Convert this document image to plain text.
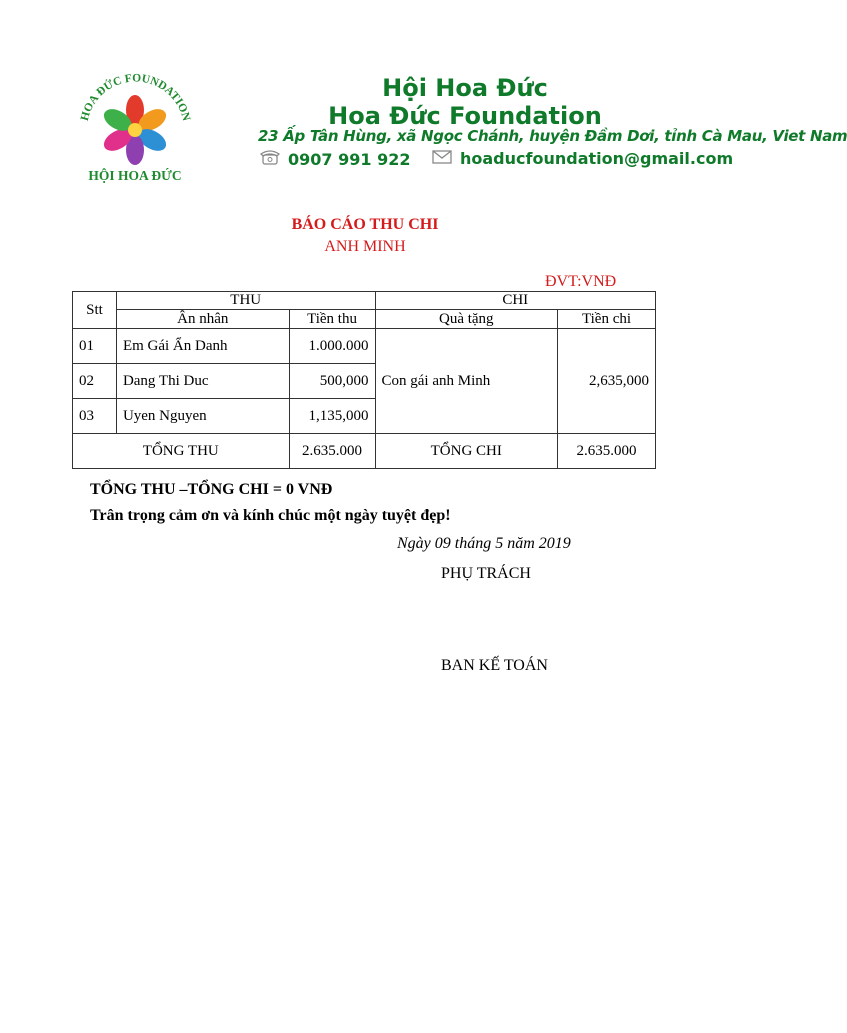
HOA ĐỨC FOUNDATION
HỘI HOA ĐỨC
Hội Hoa Đức
Hoa Đức Foundation
23 Ấp Tân Hùng, xã Ngọc Chánh, huyện Đầm Dơi, tỉnh Cà Mau, Viet Nam
0907 991 922	hoaducfoundation@gmail.com
BÁO CÁO THU CHI
ANH MINH
ĐVT:VNĐ
Stt	THU		CHI	
	Ân nhân	Tiền thu	Quà tặng	Tiền chi
01	Em Gái Ẩn Danh	1.000.000	Con gái anh Minh	2,635,000
02	Dang Thi Duc	500,000		
03	Uyen Nguyen	1,135,000		
TỔNG THU		2.635.000	TỔNG CHI	2.635.000
TỔNG THU –TỔNG CHI = 0 VNĐ
Trân trọng cảm ơn và kính chúc một ngày tuyệt đẹp!
Ngày 09 tháng 5 năm 2019
PHỤ TRÁCH
BAN KẾ TOÁN
